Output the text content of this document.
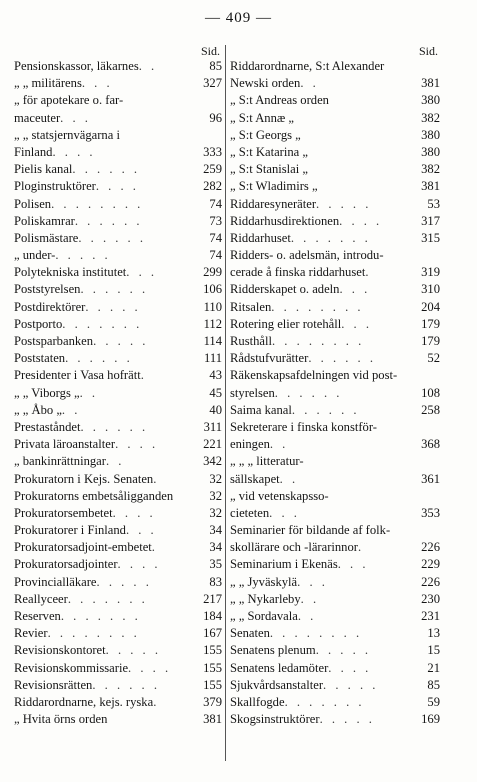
— 409 —
Sid.
Pensionskassor, läkarnes . .	85
„ „ militärens . . .	327
„ för apotekare o. far-
maceuter . . .	96
„ „ statsjernvägarna i
Finland . . . .	333
Pielis kanal . . . . . .	259
Ploginstruktörer . . . .	282
Polisen . . . . . . . .	74
Poliskamrar . . . . . .	73
Polismästare . . . . . .	74
„ under- . . . . .	74
Polytekniska institutet . . .	299
Poststyrelsen . . . . . .	106
Postdirektörer . . . . .	110
Postporto . . . . . . .	112
Postsparbanken . . . . .	114
Poststaten . . . . . .	111
Presidenter i Vasa hofrätt .	43
„ „ Viborgs „ . .	45
„ „ Åbo „ . .	40
Prestaståndet . . . . . .	311
Privata läroanstalter . . . .	221
„ bankinrättningar . .	342
Prokuratorn i Kejs. Senaten .	32
Prokuratorns embetsåligganden	32
Prokuratorsembetet . . . .	32
Prokuratorer i Finland . . .	34
Prokuratorsadjoint-embetet .	34
Prokuratorsadjointer . . . .	35
Provincialläkare . . . . .	83
Reallyceer . . . . . . .	217
Reserven . . . . . . .	184
Revier . . . . . . . .	167
Revisionskontoret . . . . .	155
Revisionskommissarie . . . .	155
Revisionsrätten . . . . . .	155
Riddarordnarne, kejs. ryska .	379
„ Hvita örns orden	381
Sid.
Riddarordnarne, S:t Alexander
Newski orden . .	381
„ S:t Andreas orden	380
„ S:t Annæ „	382
„ S:t Georgs „	380
„ S:t Katarina „	380
„ S:t Stanislai „	382
„ S:t Wladimirs „	381
Riddaresyneräter . . . . .	53
Riddarhusdirektionen . . . .	317
Riddarhuset . . . . . . .	315
Ridders- o. adelsmän, introdu-
cerade å finska riddarhuset .	319
Ridderskapet o. adeln . . .	310
Ritsalen . . . . . . . .	204
Rotering elier rotehåll . . .	179
Rusthåll . . . . . . . .	179
Rådstufvurätter . . . . . .	52
Räkenskapsafdelningen vid post-
styrelsen . . . . . .	108
Saima kanal . . . . . .	258
Sekreterare i finska konstför-
eningen . .	368
„ „ „ litteratur-
sällskapet . .	361
„ vid vetenskapsso-
cieteten . . .	353
Seminarier för bildande af folk-
skollärare och -lärarinnor .	226
Seminarium i Ekenäs . . .	229
„ „ Jyväskylä . . .	226
„ „ Nykarleby . .	230
„ „ Sordavala . .	231
Senaten . . . . . . . .	13
Senatens plenum . . . . .	15
Senatens ledamöter . . . .	21
Sjukvårdsanstalter . . . . .	85
Skallfogde . . . . . . .	59
Skogsinstruktörer . . . . .	169
